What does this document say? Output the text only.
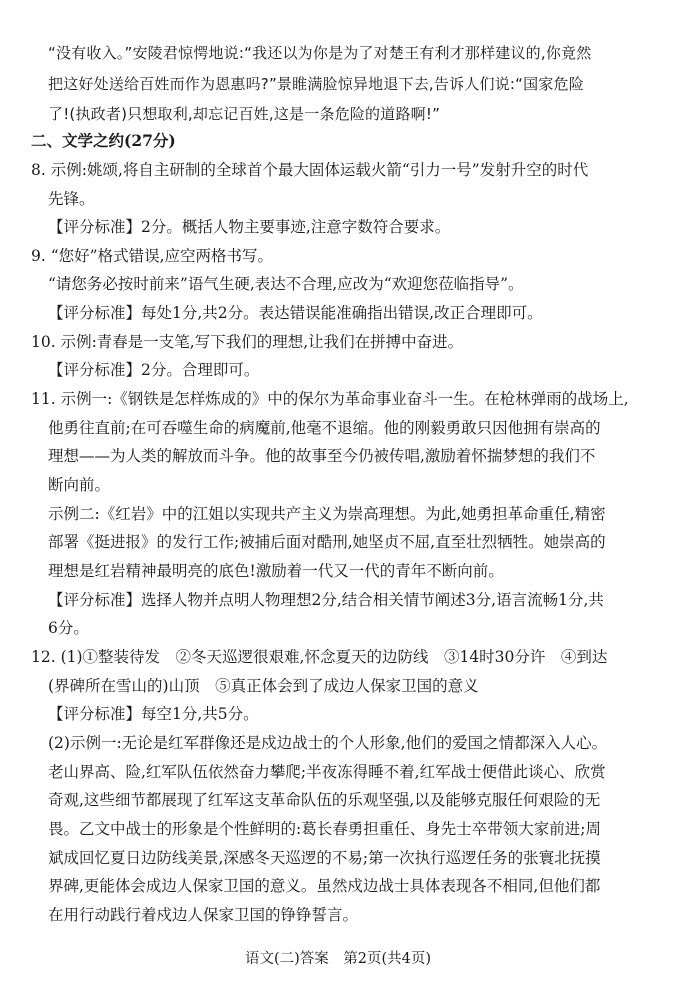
“没有收入。”安陵君惊愕地说:“我还以为你是为了对楚王有利才那样建议的,你竟然
把这好处送给百姓而作为恩惠吗?”景睢满脸惊异地退下去,告诉人们说:“国家危险
了!(执政者)只想取利,却忘记百姓,这是一条危险的道路啊!”
二、文学之约(27分)
8. 示例:姚颂,将自主研制的全球首个最大固体运载火箭“引力一号”发射升空的时代
先锋。
【评分标准】2分。概括人物主要事迹,注意字数符合要求。
9. “您好”格式错误,应空两格书写。
“请您务必按时前来”语气生硬,表达不合理,应改为“欢迎您莅临指导”。
【评分标准】每处1分,共2分。表达错误能准确指出错误,改正合理即可。
10. 示例:青春是一支笔,写下我们的理想,让我们在拼搏中奋进。
【评分标准】2分。合理即可。
11. 示例一:《钢铁是怎样炼成的》中的保尔为革命事业奋斗一生。在枪林弹雨的战场上,
他勇往直前;在可吞噬生命的病魔前,他毫不退缩。他的刚毅勇敢只因他拥有崇高的
理想——为人类的解放而斗争。他的故事至今仍被传唱,激励着怀揣梦想的我们不
断向前。
示例二:《红岩》中的江姐以实现共产主义为崇高理想。为此,她勇担革命重任,精密
部署《挺进报》的发行工作;被捕后面对酷刑,她坚贞不屈,直至壮烈牺牲。她崇高的
理想是红岩精神最明亮的底色!激励着一代又一代的青年不断向前。
【评分标准】选择人物并点明人物理想2分,结合相关情节阐述3分,语言流畅1分,共
6分。
12. (1)①整装待发　②冬天巡逻很艰难,怀念夏天的边防线　③14时30分许　④到达
(界碑所在雪山的)山顶　⑤真正体会到了成边人保家卫国的意义
【评分标准】每空1分,共5分。
(2)示例一:无论是红军群像还是戍边战士的个人形象,他们的爱国之情都深入人心。
老山界高、险,红军队伍依然奋力攀爬;半夜冻得睡不着,红军战士便借此谈心、欣赏
奇观,这些细节都展现了红军这支革命队伍的乐观坚强,以及能够克服任何艰险的无
畏。乙文中战士的形象是个性鲜明的:葛长春勇担重任、身先士卒带领大家前进;周
斌成回忆夏日边防线美景,深感冬天巡逻的不易;第一次执行巡逻任务的张寰北抚摸
界碑,更能体会成边人保家卫国的意义。虽然戍边战士具体表现各不相同,但他们都
在用行动践行着戍边人保家卫国的铮铮誓言。
语文(二)答案　第2页(共4页)
